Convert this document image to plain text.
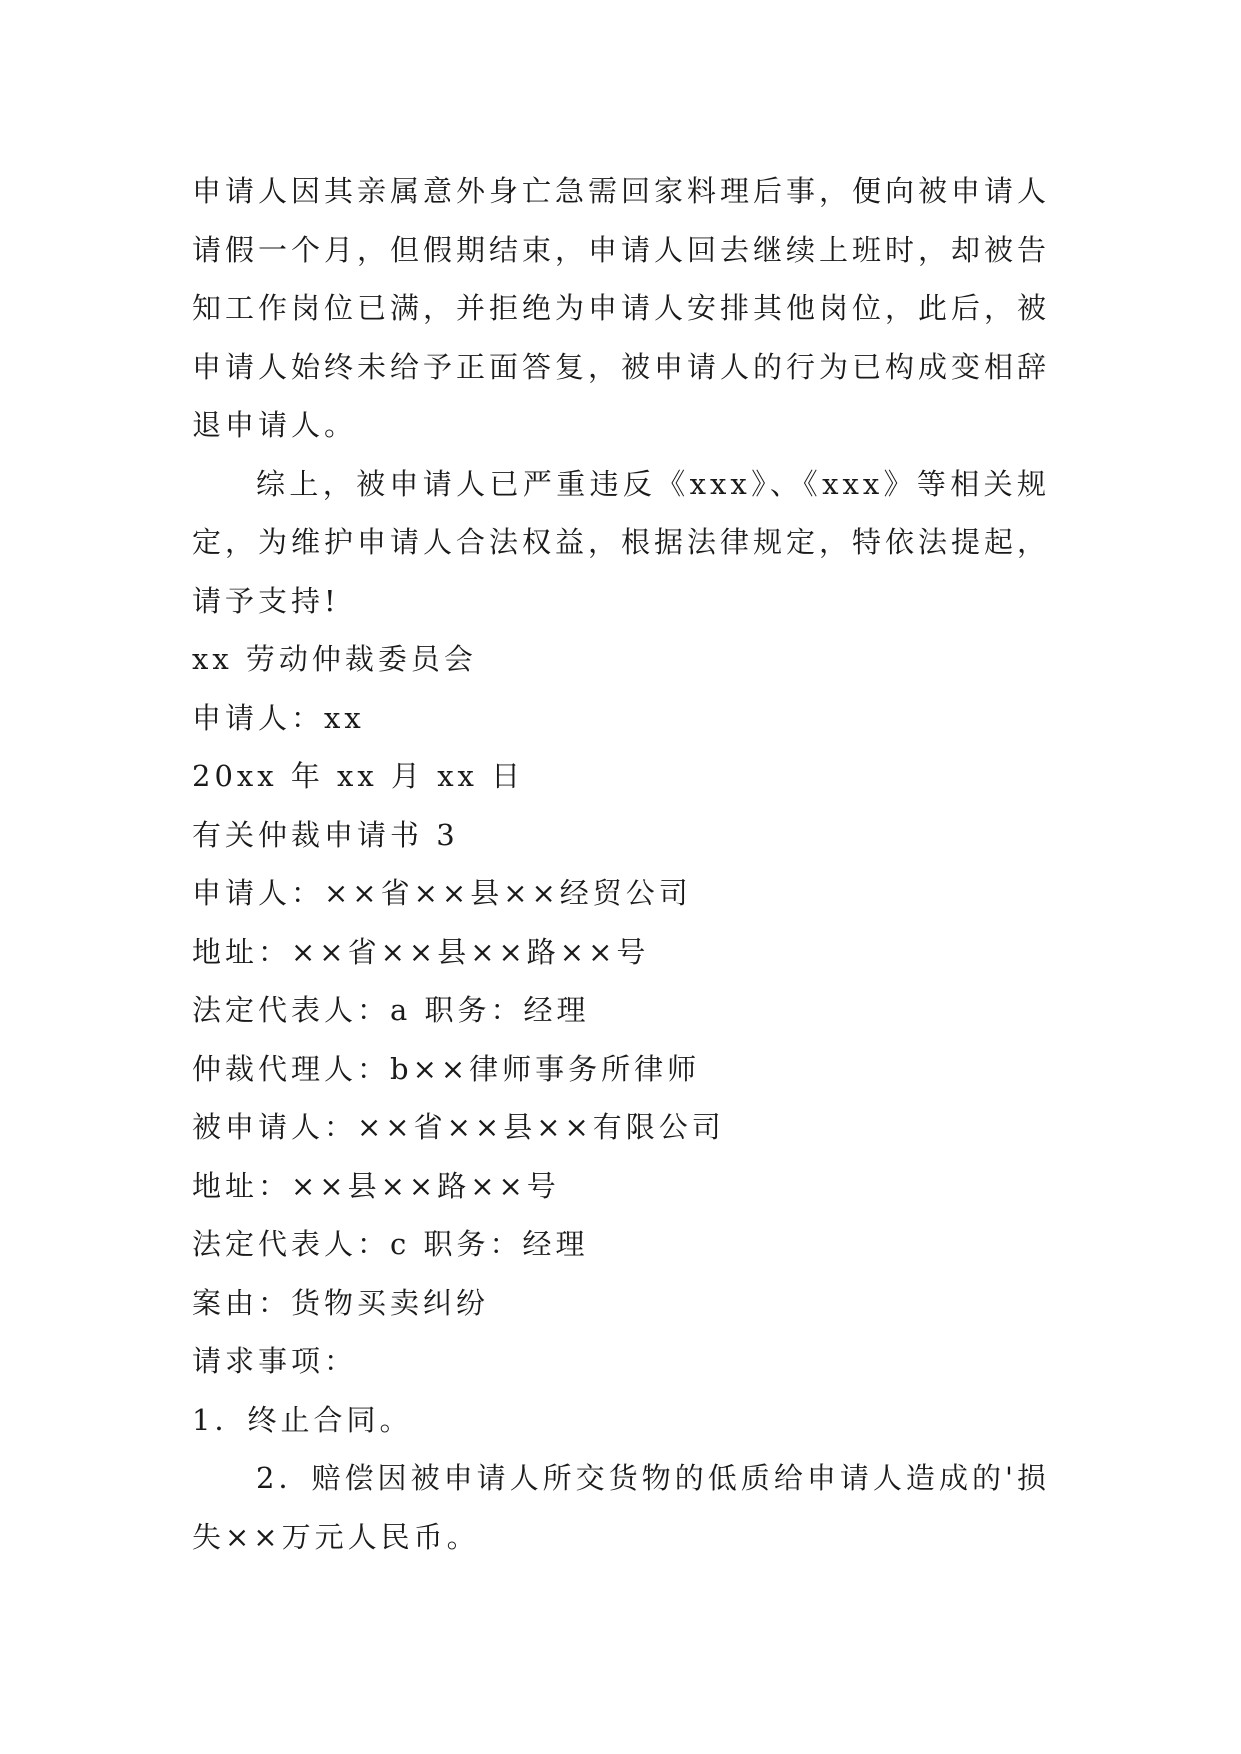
申请人因其亲属意外身亡急需回家料理后事，便向被申请人请假一个月，但假期结束，申请人回去继续上班时，却被告知工作岗位已满，并拒绝为申请人安排其他岗位，此后，被申请人始终未给予正面答复，被申请人的行为已构成变相辞退申请人。

综上，被申请人已严重违反《xxx》、《xxx》等相关规定，为维护申请人合法权益，根据法律规定，特依法提起，请予支持!

xx 劳动仲裁委员会

申请人：xx

20xx 年 xx 月 xx 日

有关仲裁申请书 3

申请人：××省××县××经贸公司

地址：××省××县××路××号

法定代表人：a 职务：经理

仲裁代理人：b××律师事务所律师

被申请人：××省××县××有限公司

地址：××县××路××号

法定代表人：c 职务：经理

案由：货物买卖纠纷

请求事项：

1．终止合同。

2．赔偿因被申请人所交货物的低质给申请人造成的'损失××万元人民币。
